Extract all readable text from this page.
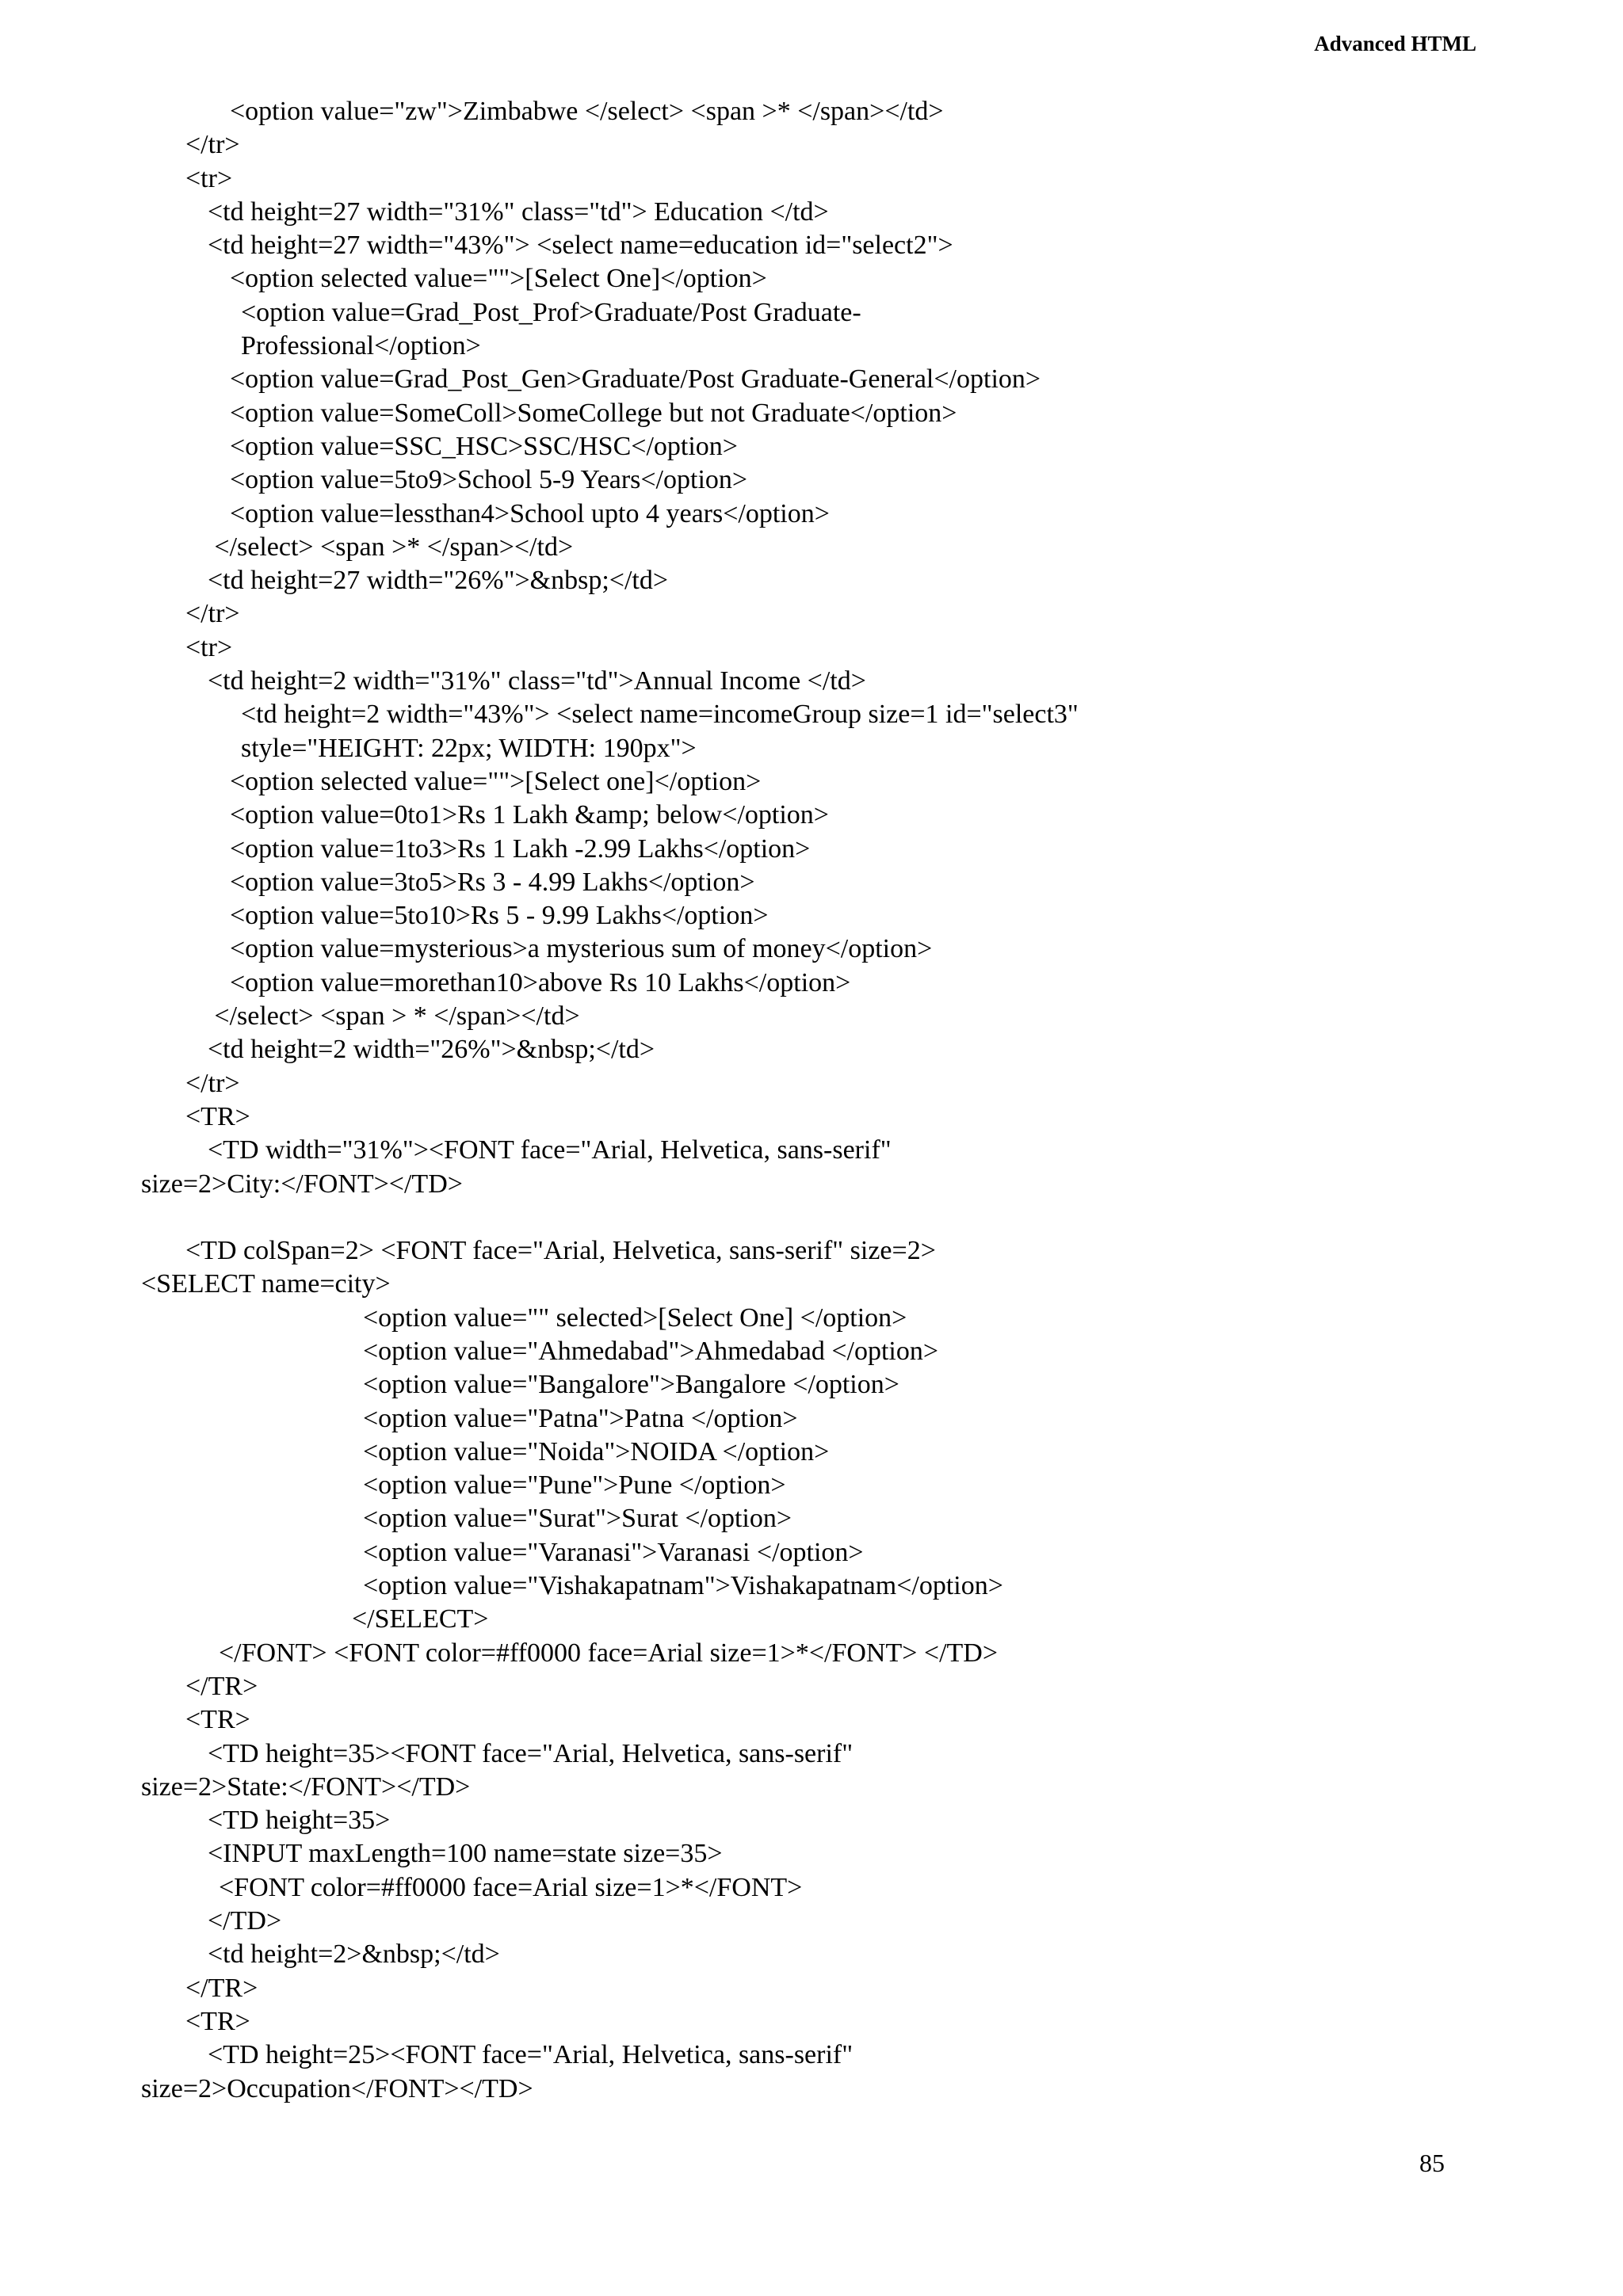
Advanced HTML
<option value="zw">Zimbabwe </select> <span >* </span></td>
</tr>
<tr>
<td height=27 width="31%" class="td"> Education </td>
<td height=27 width="43%"> <select name=education id="select2">
<option selected value="">[Select One]</option>
<option value=Grad_Post_Prof>Graduate/Post Graduate-
Professional</option>
<option value=Grad_Post_Gen>Graduate/Post Graduate-General</option>
<option value=SomeColl>SomeCollege but not Graduate</option>
<option value=SSC_HSC>SSC/HSC</option>
<option value=5to9>School 5-9 Years</option>
<option value=lessthan4>School upto 4 years</option>
</select> <span >* </span></td>
<td height=27 width="26%">&nbsp;</td>
</tr>
<tr>
<td height=2 width="31%" class="td">Annual Income </td>
<td height=2 width="43%"> <select name=incomeGroup size=1 id="select3"
style="HEIGHT: 22px; WIDTH: 190px">
<option selected value="">[Select one]</option>
<option value=0to1>Rs 1 Lakh &amp; below</option>
<option value=1to3>Rs 1 Lakh -2.99 Lakhs</option>
<option value=3to5>Rs 3 - 4.99 Lakhs</option>
<option value=5to10>Rs 5 - 9.99 Lakhs</option>
<option value=mysterious>a mysterious sum of money</option>
<option value=morethan10>above Rs 10 Lakhs</option>
</select> <span > * </span></td>
<td height=2 width="26%">&nbsp;</td>
</tr>
<TR>
<TD width="31%"><FONT face="Arial, Helvetica, sans-serif"
size=2>City:</FONT></TD>
<TD colSpan=2> <FONT face="Arial, Helvetica, sans-serif" size=2>
<SELECT name=city>
<option value="" selected>[Select One] </option>
<option value="Ahmedabad">Ahmedabad </option>
<option value="Bangalore">Bangalore </option>
<option value="Patna">Patna </option>
<option value="Noida">NOIDA </option>
<option value="Pune">Pune </option>
<option value="Surat">Surat </option>
<option value="Varanasi">Varanasi </option>
<option value="Vishakapatnam">Vishakapatnam</option>
</SELECT>
</FONT> <FONT color=#ff0000 face=Arial size=1>*</FONT> </TD>
</TR>
<TR>
<TD height=35><FONT face="Arial, Helvetica, sans-serif"
size=2>State:</FONT></TD>
<TD height=35>
<INPUT maxLength=100 name=state size=35>
<FONT color=#ff0000 face=Arial size=1>*</FONT>
</TD>
<td height=2>&nbsp;</td>
</TR>
<TR>
<TD height=25><FONT face="Arial, Helvetica, sans-serif"
size=2>Occupation</FONT></TD>
85
